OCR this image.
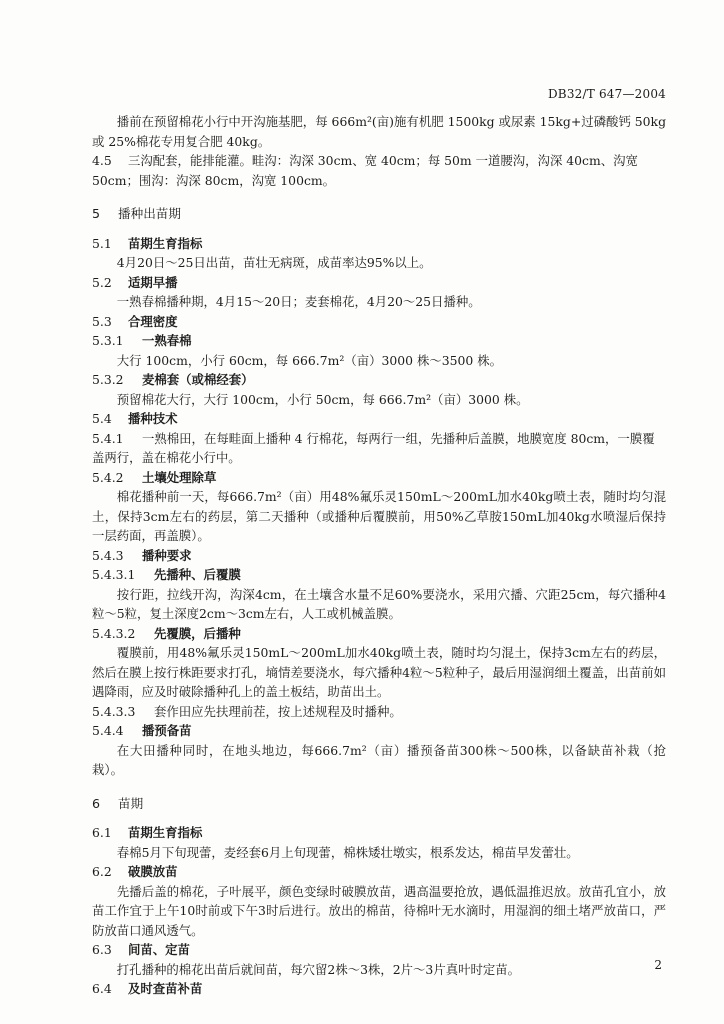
DB32/T 647—2004

播前在预留棉花小行中开沟施基肥，每 666m²(亩)施有机肥 1500kg 或尿素 15kg+过磷酸钙 50kg 或 25%棉花专用复合肥 40kg。

4.5 三沟配套，能排能灌。畦沟：沟深 30cm、宽 40cm；每 50m 一道腰沟，沟深 40cm、沟宽 50cm；围沟：沟深 80cm，沟宽 100cm。

5 播种出苗期

5.1 苗期生育指标

4月20日～25日出苗，苗壮无病斑，成苗率达95%以上。

5.2 适期早播

一熟春棉播种期，4月15～20日；麦套棉花，4月20～25日播种。

5.3 合理密度

5.3.1 一熟春棉

大行 100cm，小行 60cm，每 666.7m²（亩）3000 株～3500 株。

5.3.2 麦棉套（或棉经套）

预留棉花大行，大行 100cm，小行 50cm，每 666.7m²（亩）3000 株。

5.4 播种技术

5.4.1 一熟棉田，在每畦面上播种 4 行棉花，每两行一组，先播种后盖膜，地膜宽度 80cm，一膜覆盖两行，盖在棉花小行中。

5.4.2 土壤处理除草

棉花播种前一天，每666.7m²（亩）用48%氟乐灵150mL～200mL加水40kg喷土表，随时均匀混土，保持3cm左右的药层，第二天播种（或播种后覆膜前，用50%乙草胺150mL加40kg水喷湿后保持一层药面，再盖膜）。

5.4.3 播种要求

5.4.3.1 先播种、后覆膜

按行距，拉线开沟，沟深4cm，在土壤含水量不足60%要浇水，采用穴播、穴距25cm，每穴播种4粒～5粒，复土深度2cm～3cm左右，人工或机械盖膜。

5.4.3.2 先覆膜，后播种

覆膜前，用48%氟乐灵150mL～200mL加水40kg喷土表，随时均匀混土，保持3cm左右的药层，然后在膜上按行株距要求打孔，墒情差要浇水，每穴播种4粒～5粒种子，最后用湿润细土覆盖，出苗前如遇降雨，应及时破除播种孔上的盖土板结，助苗出土。

5.4.3.3 套作田应先扶理前茬，按上述规程及时播种。

5.4.4 播预备苗

在大田播种同时，在地头地边，每666.7m²（亩）播预备苗300株～500株，以备缺苗补栽（抢栽）。

6 苗期

6.1 苗期生育指标

春棉5月下旬现蕾，麦经套6月上旬现蕾，棉株矮壮墩实，根系发达，棉苗早发蕾壮。

6.2 破膜放苗

先播后盖的棉花，子叶展平，颜色变绿时破膜放苗，遇高温要抢放，遇低温推迟放。放苗孔宜小，放苗工作宜于上午10时前或下午3时后进行。放出的棉苗，待棉叶无水滴时，用湿润的细土堵严放苗口，严防放苗口通风透气。

6.3 间苗、定苗

打孔播种的棉花出苗后就间苗，每穴留2株～3株，2片～3片真叶时定苗。

6.4 及时查苗补苗

2
